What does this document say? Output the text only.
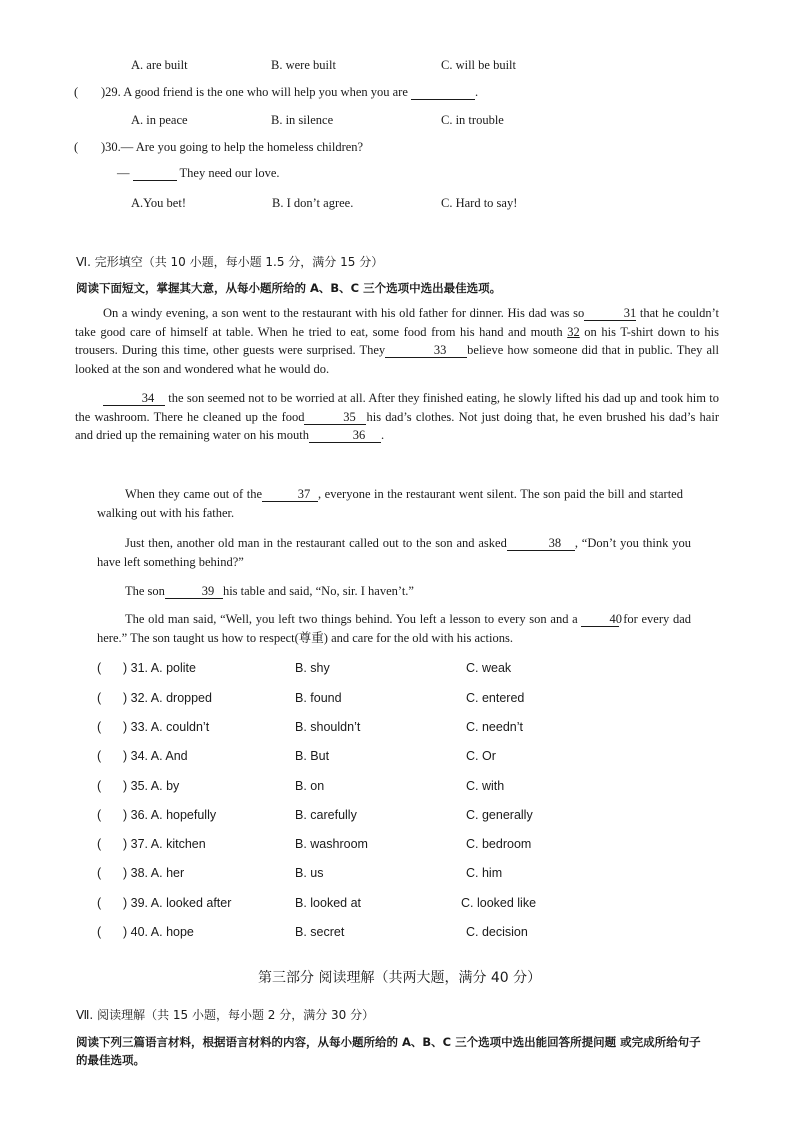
A. are built	B. were built	C. will be built
( )29. A good friend is the one who will help you when you are	.
A. in peace	B. in silence	C. in trouble
( )30.— Are you going to help the homeless children?
—	They need our love.
A.You bet!	B. I don’t agree.	C. Hard to say!
Ⅵ. 完形填空（共 10 小题，每小题 1.5 分，满分 15 分）
阅读下面短文，掌握其大意，从每小题所给的 A、B、C 三个选项中选出最佳选项。
On a windy evening, a son went to the restaurant with his old father for dinner. His dad was so	31 that he couldn’t take good care of himself at table. When he tried to eat, some food from his hand and mouth 32 on his T-shirt down to his trousers. During this time, other guests were surprised. They	33 believe how someone did that in public. They all looked at the son and wondered what he would do.
34 the son seemed not to be worried at all. After they finished eating, he slowly lifted his dad up and took him to the washroom. There he cleaned up the food	35 his dad’s clothes. Not just doing that, he even brushed his dad’s hair and dried up the remaining water on his mouth	36 .
When they came out of the	37 , everyone in the restaurant went silent. The son paid the bill and started walking out with his father.
Just then, another old man in the restaurant called out to the son and asked	38 , “Don’t you think you have left something behind?”
The son	39 his table and said, “No, sir. I haven’t.”
The old man said, “Well, you left two things behind. You left a lesson to every son and a	40 for every dad here.” The son taught us how to respect(尊重) and care for the old with his actions.
( ) 31. A. polite	B. shy	C. weak
( ) 32. A. dropped	B. found	C. entered
( ) 33. A. couldn’t	B. shouldn’t	C. needn’t
( ) 34. A. And	B. But	C. Or
( ) 35. A. by	B. on	C. with
( ) 36. A. hopefully	B. carefully	C. generally
( ) 37. A. kitchen	B. washroom	C. bedroom
( ) 38. A. her	B. us	C. him
( ) 39. A. looked after	B. looked at	C. looked like
( ) 40. A. hope	B. secret	C. decision
第三部分 阅读理解（共两大题，满分 40 分）
Ⅶ. 阅读理解（共 15 小题，每小题 2 分，满分 30 分）
阅读下列三篇语言材料，根据语言材料的内容，从每小题所给的 A、B、C 三个选项中选出能回答所提问题 或完成所给句子的最佳选项。
